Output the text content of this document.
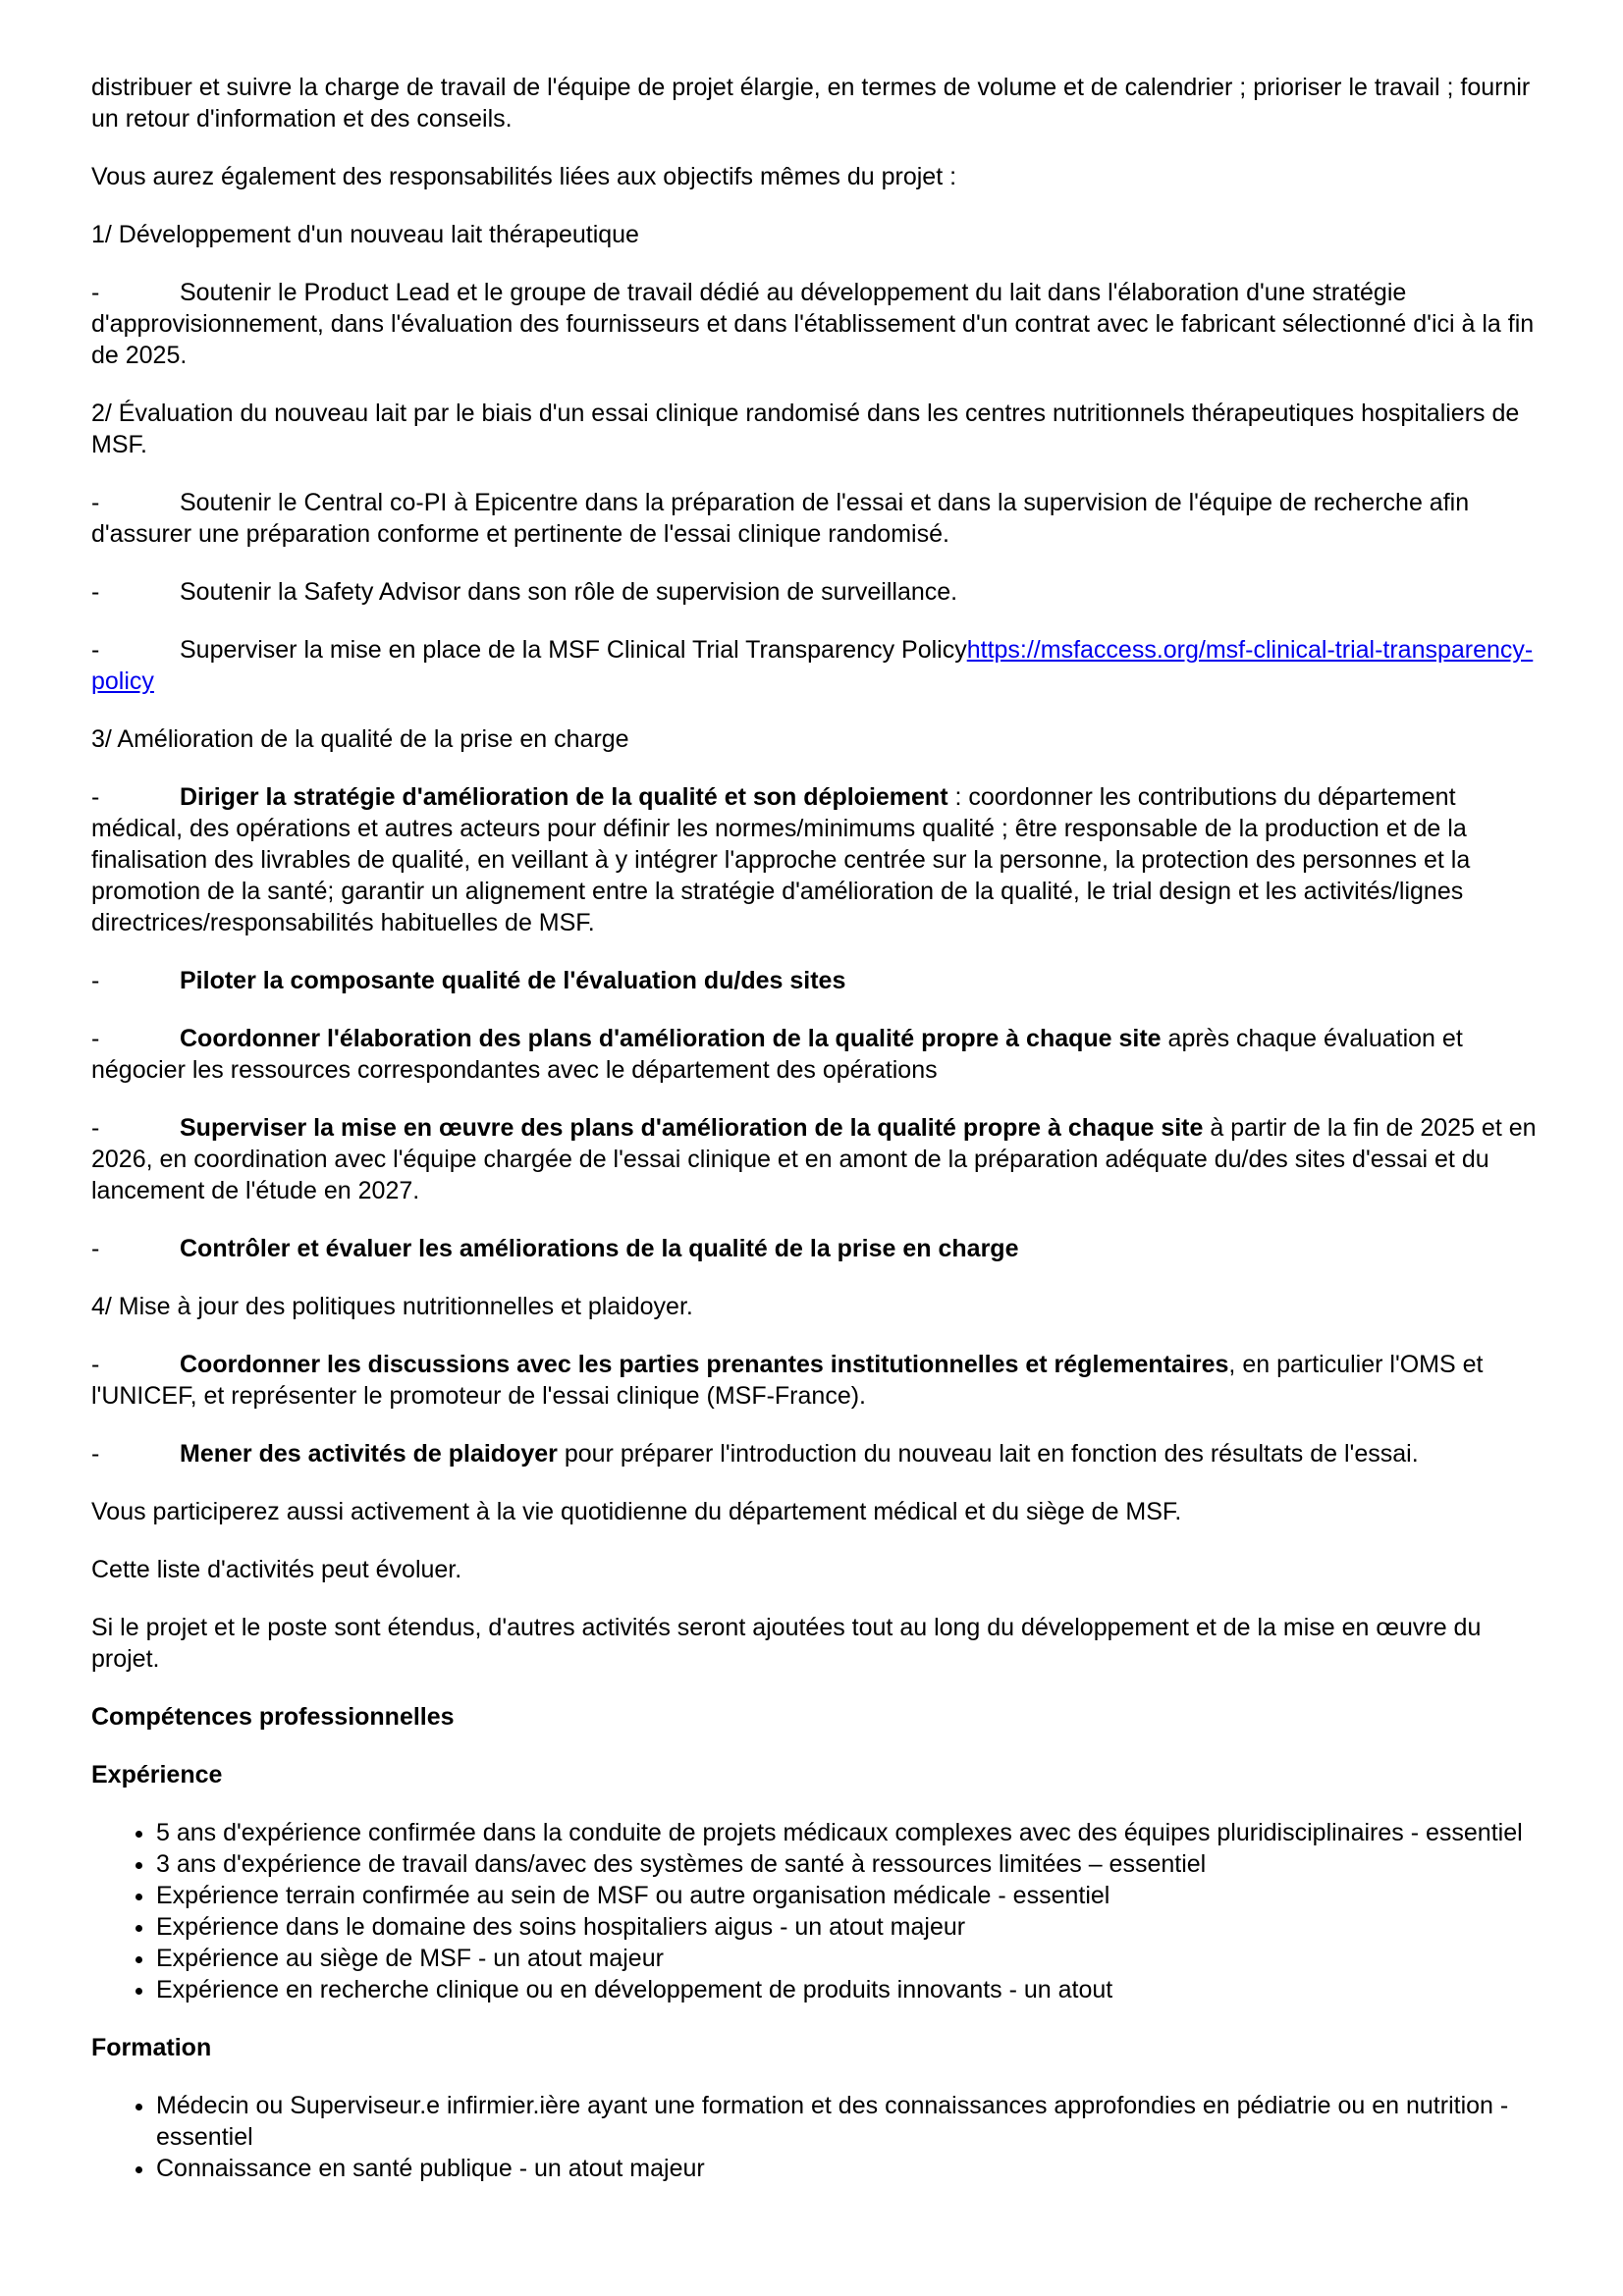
distribuer et suivre la charge de travail de l'équipe de projet élargie, en termes de volume et de calendrier ; prioriser le travail ; fournir un retour d'information et des conseils.

Vous aurez également des responsabilités liées aux objectifs mêmes du projet :

1/ Développement d'un nouveau lait thérapeutique

-	Soutenir le Product Lead et le groupe de travail dédié au développement du lait dans l'élaboration d'une stratégie d'approvisionnement, dans l'évaluation des fournisseurs et dans l'établissement d'un contrat avec le fabricant sélectionné d'ici à la fin de 2025.

2/ Évaluation du nouveau lait par le biais d'un essai clinique randomisé dans les centres nutritionnels thérapeutiques hospitaliers de MSF.

-	Soutenir le Central co-PI à Epicentre dans la préparation de l'essai et dans la supervision de l'équipe de recherche afin d'assurer une préparation conforme et pertinente de l'essai clinique randomisé.
-	Soutenir la Safety Advisor dans son rôle de supervision de surveillance.
-	Superviser la mise en place de la MSF Clinical Trial Transparency Policyhttps://msfaccess.org/msf-clinical-trial-transparency-policy

3/ Amélioration de la qualité de la prise en charge

-	Diriger la stratégie d'amélioration de la qualité et son déploiement : coordonner les contributions du département médical, des opérations et autres acteurs pour définir les normes/minimums qualité ; être responsable de la production et de la finalisation des livrables de qualité, en veillant à y intégrer l'approche centrée sur la personne, la protection des personnes et la promotion de la santé; garantir un alignement entre la stratégie d'amélioration de la qualité, le trial design et les activités/lignes directrices/responsabilités habituelles de MSF.
-	Piloter la composante qualité de l'évaluation du/des sites
-	Coordonner l'élaboration des plans d'amélioration de la qualité propre à chaque site après chaque évaluation et négocier les ressources correspondantes avec le département des opérations
-	Superviser la mise en œuvre des plans d'amélioration de la qualité propre à chaque site à partir de la fin de 2025 et en 2026, en coordination avec l'équipe chargée de l'essai clinique et en amont de la préparation adéquate du/des sites d'essai et du lancement de l'étude en 2027.
-	Contrôler et évaluer les améliorations de la qualité de la prise en charge

4/ Mise à jour des politiques nutritionnelles et plaidoyer.

-	Coordonner les discussions avec les parties prenantes institutionnelles et réglementaires, en particulier l'OMS et l'UNICEF, et représenter le promoteur de l'essai clinique (MSF-France).
-	Mener des activités de plaidoyer pour préparer l'introduction du nouveau lait en fonction des résultats de l'essai.

Vous participerez aussi activement à la vie quotidienne du département médical et du siège de MSF.

Cette liste d'activités peut évoluer.

Si le projet et le poste sont étendus, d'autres activités seront ajoutées tout au long du développement et de la mise en œuvre du projet.

Compétences professionnelles
Expérience
• 5 ans d'expérience confirmée dans la conduite de projets médicaux complexes avec des équipes pluridisciplinaires - essentiel
• 3 ans d'expérience de travail dans/avec des systèmes de santé à ressources limitées – essentiel
• Expérience terrain confirmée au sein de MSF ou autre organisation médicale - essentiel
• Expérience dans le domaine des soins hospitaliers aigus - un atout majeur
• Expérience au siège de MSF - un atout majeur
• Expérience en recherche clinique ou en développement de produits innovants - un atout
Formation
• Médecin ou Superviseur.e infirmier.ière ayant une formation et des connaissances approfondies en pédiatrie ou en nutrition - essentiel
• Connaissance en santé publique - un atout majeur
